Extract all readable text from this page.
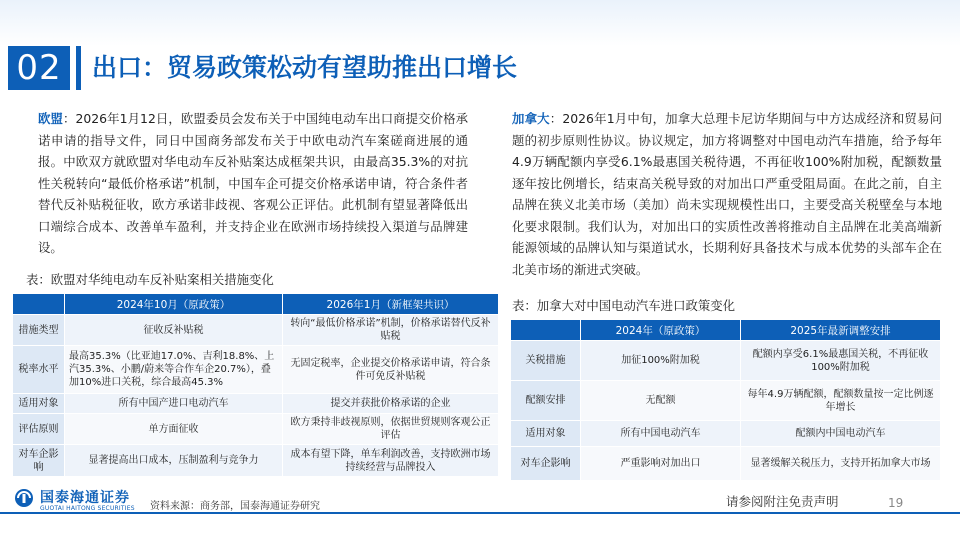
02	出口：贸易政策松动有望助推出口增长
欧盟：2026年1月12日，欧盟委员会发布关于中国纯电动车出口商提交价格承诺申请的指导文件，同日中国商务部发布关于中欧电动汽车案磋商进展的通报。中欧双方就欧盟对华电动车反补贴案达成框架共识，由最高35.3%的对抗性关税转向“最低价格承诺”机制，中国车企可提交价格承诺申请，符合条件者替代反补贴税征收，欧方承诺非歧视、客观公正评估。此机制有望显著降低出口端综合成本、改善单车盈利，并支持企业在欧洲市场持续投入渠道与品牌建设。
加拿大：2026年1月中旬，加拿大总理卡尼访华期间与中方达成经济和贸易问题的初步原则性协议。协议规定，加方将调整对中国电动汽车措施，给予每年4.9万辆配额内享受6.1%最惠国关税待遇，不再征收100%附加税，配额数量逐年按比例增长，结束高关税导致的对加出口严重受阻局面。在此之前，自主品牌在狭义北美市场（美加）尚未实现规模性出口，主要受高关税壁垒与本地化要求限制。我们认为，对加出口的实质性改善将推动自主品牌在北美高端新能源领域的品牌认知与渠道试水，长期利好具备技术与成本优势的头部车企在北美市场的渐进式突破。
表：欧盟对华纯电动车反补贴案相关措施变化
表：加拿大对中国电动汽车进口政策变化
	2024年10月（原政策）	2026年1月（新框架共识）
措施类型	征收反补贴税	转向“最低价格承诺”机制，价格承诺替代反补贴税
税率水平	最高35.3%（比亚迪17.0%、吉利18.8%、上汽35.3%、小鹏/蔚来等合作车企20.7%），叠加10%进口关税，综合最高45.3%	无固定税率，企业提交价格承诺申请，符合条件可免反补贴税
适用对象	所有中国产进口电动汽车	提交并获批价格承诺的企业
评估原则	单方面征收	欧方秉持非歧视原则，依据世贸规则客观公正评估
对车企影响	显著提高出口成本，压制盈利与竞争力	成本有望下降，单车利润改善，支持欧洲市场持续经营与品牌投入
	2024年（原政策）	2025年最新调整安排
关税措施	加征100%附加税	配额内享受6.1%最惠国关税，不再征收100%附加税
配额安排	无配额	每年4.9万辆配额，配额数量按一定比例逐年增长
适用对象	所有中国电动汽车	配额内中国电动汽车
对车企影响	严重影响对加出口	显著缓解关税压力，支持开拓加拿大市场
国泰海通证券
GUOTAI HAITONG SECURITIES 资料来源：商务部，国泰海通证券研究	请参阅附注免责声明	19
